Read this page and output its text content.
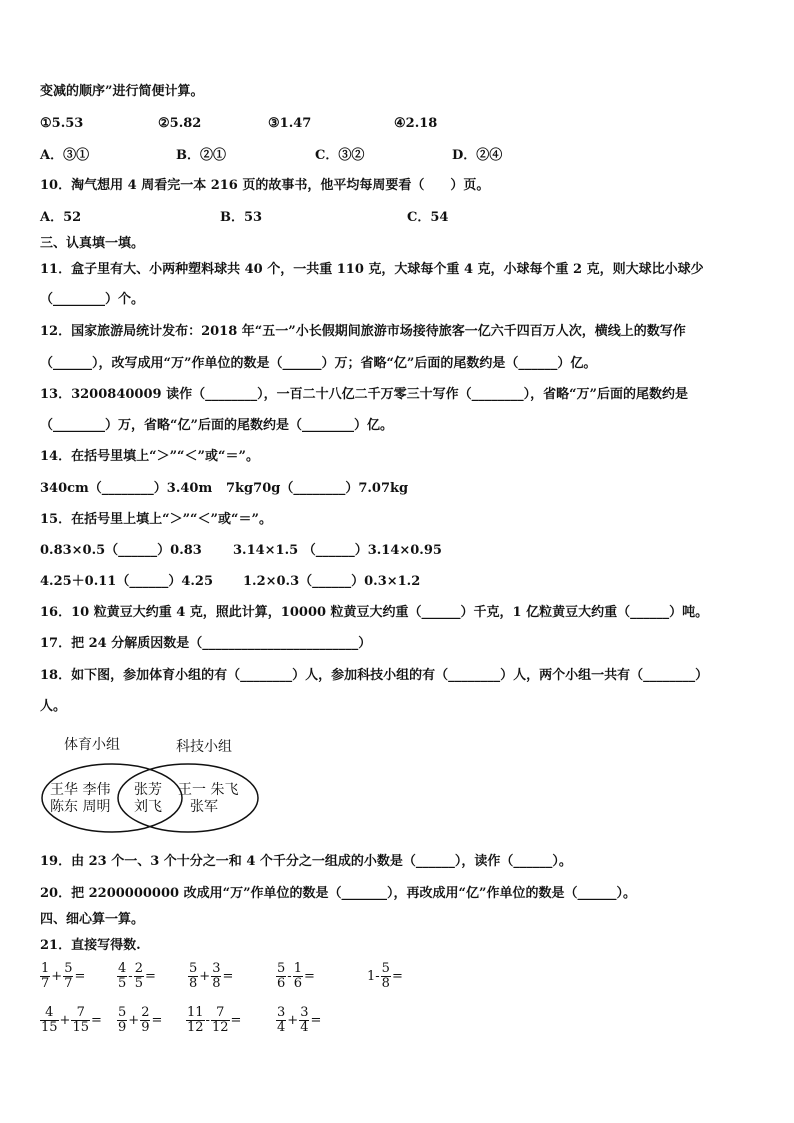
变减的顺序”进行简便计算。
①5.53	②5.82	③1.47	④2.18
A．③①	B．②①	C．③②	D．②④
10．淘气想用 4 周看完一本 216 页的故事书，他平均每周要看（　　）页。
A．52	B．53	C．54
三、认真填一填。
11．盒子里有大、小两种塑料球共 40 个，一共重 110 克，大球每个重 4 克，小球每个重 2 克，则大球比小球少
（________）个。
12．国家旅游局统计发布：2018 年“五一”小长假期间旅游市场接待旅客一亿六千四百万人次，横线上的数写作
（______），改写成用“万”作单位的数是（______）万；省略“亿”后面的尾数约是（______）亿。
13．3200840009 读作（________），一百二十八亿二千万零三十写作（________），省略“万”后面的尾数约是
（________）万，省略“亿”后面的尾数约是（________）亿。
14．在括号里填上“＞”“＜”或“＝”。
340cm（________）3.40m 7kg70g（________）7.07kg
15．在括号里上填上“＞”“＜”或“＝”。
0.83×0.5（______）0.83 3.14×1.5 （______）3.14×0.95
4.25＋0.11（______）4.25 1.2×0.3（______）0.3×1.2
16．10 粒黄豆大约重 4 克，照此计算，10000 粒黄豆大约重（______）千克，1 亿粒黄豆大约重（______）吨。
17．把 24 分解质因数是（________________________）
18．如下图，参加体育小组的有（________）人，参加科技小组的有（________）人，两个小组一共有（________）
人。
体育小组	科技小组
王华 李伟
陈东 周明
张芳
刘飞
王一 朱飞
张军
19．由 23 个一、3 个十分之一和 4 个千分之一组成的小数是（______），读作（______）。
20．把 2200000000 改成用“万”作单位的数是（_______），再改成用“亿”作单位的数是（______）。
四、细心算一算。
21．直接写得数.
$\frac{1}{7} + \frac{5}{7} = \frac{4}{5} - \frac{2}{5} = \frac{5}{8} + \frac{3}{8}$ =	$\frac{5}{6} - \frac{1}{6}$ =	$1- \frac{5}{8}$ =
$\frac{4}{15} + \frac{7}{15} = \frac{5}{9} + \frac{2}{9} = \frac{11}{12} - \frac{7}{12}$ =	$\frac{3}{4} + \frac{3}{4}$ =
